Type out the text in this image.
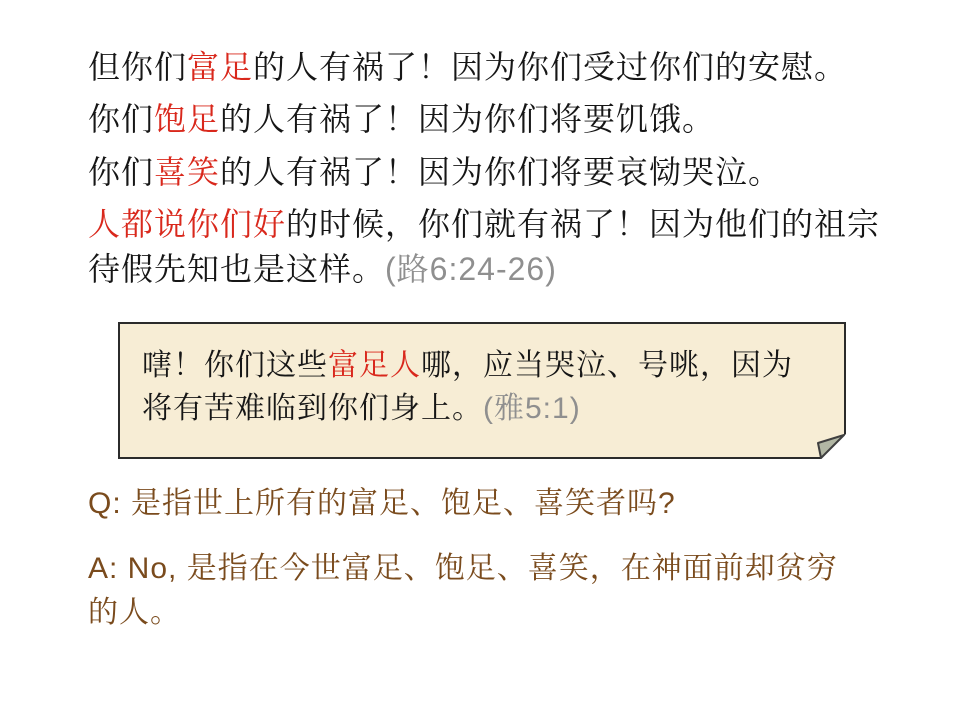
但你们富足的人有祸了！因为你们受过你们的安慰。
你们饱足的人有祸了！因为你们将要饥饿。
你们喜笑的人有祸了！因为你们将要哀恸哭泣。
人都说你们好的时候，你们就有祸了！因为他们的祖宗
待假先知也是这样。(路6:24-26)
嗐！你们这些富足人哪，应当哭泣、号咷，因为
将有苦难临到你们身上。(雅5:1)
Q: 是指世上所有的富足、饱足、喜笑者吗?
A: No, 是指在今世富足、饱足、喜笑，在神面前却贫穷
的人。
